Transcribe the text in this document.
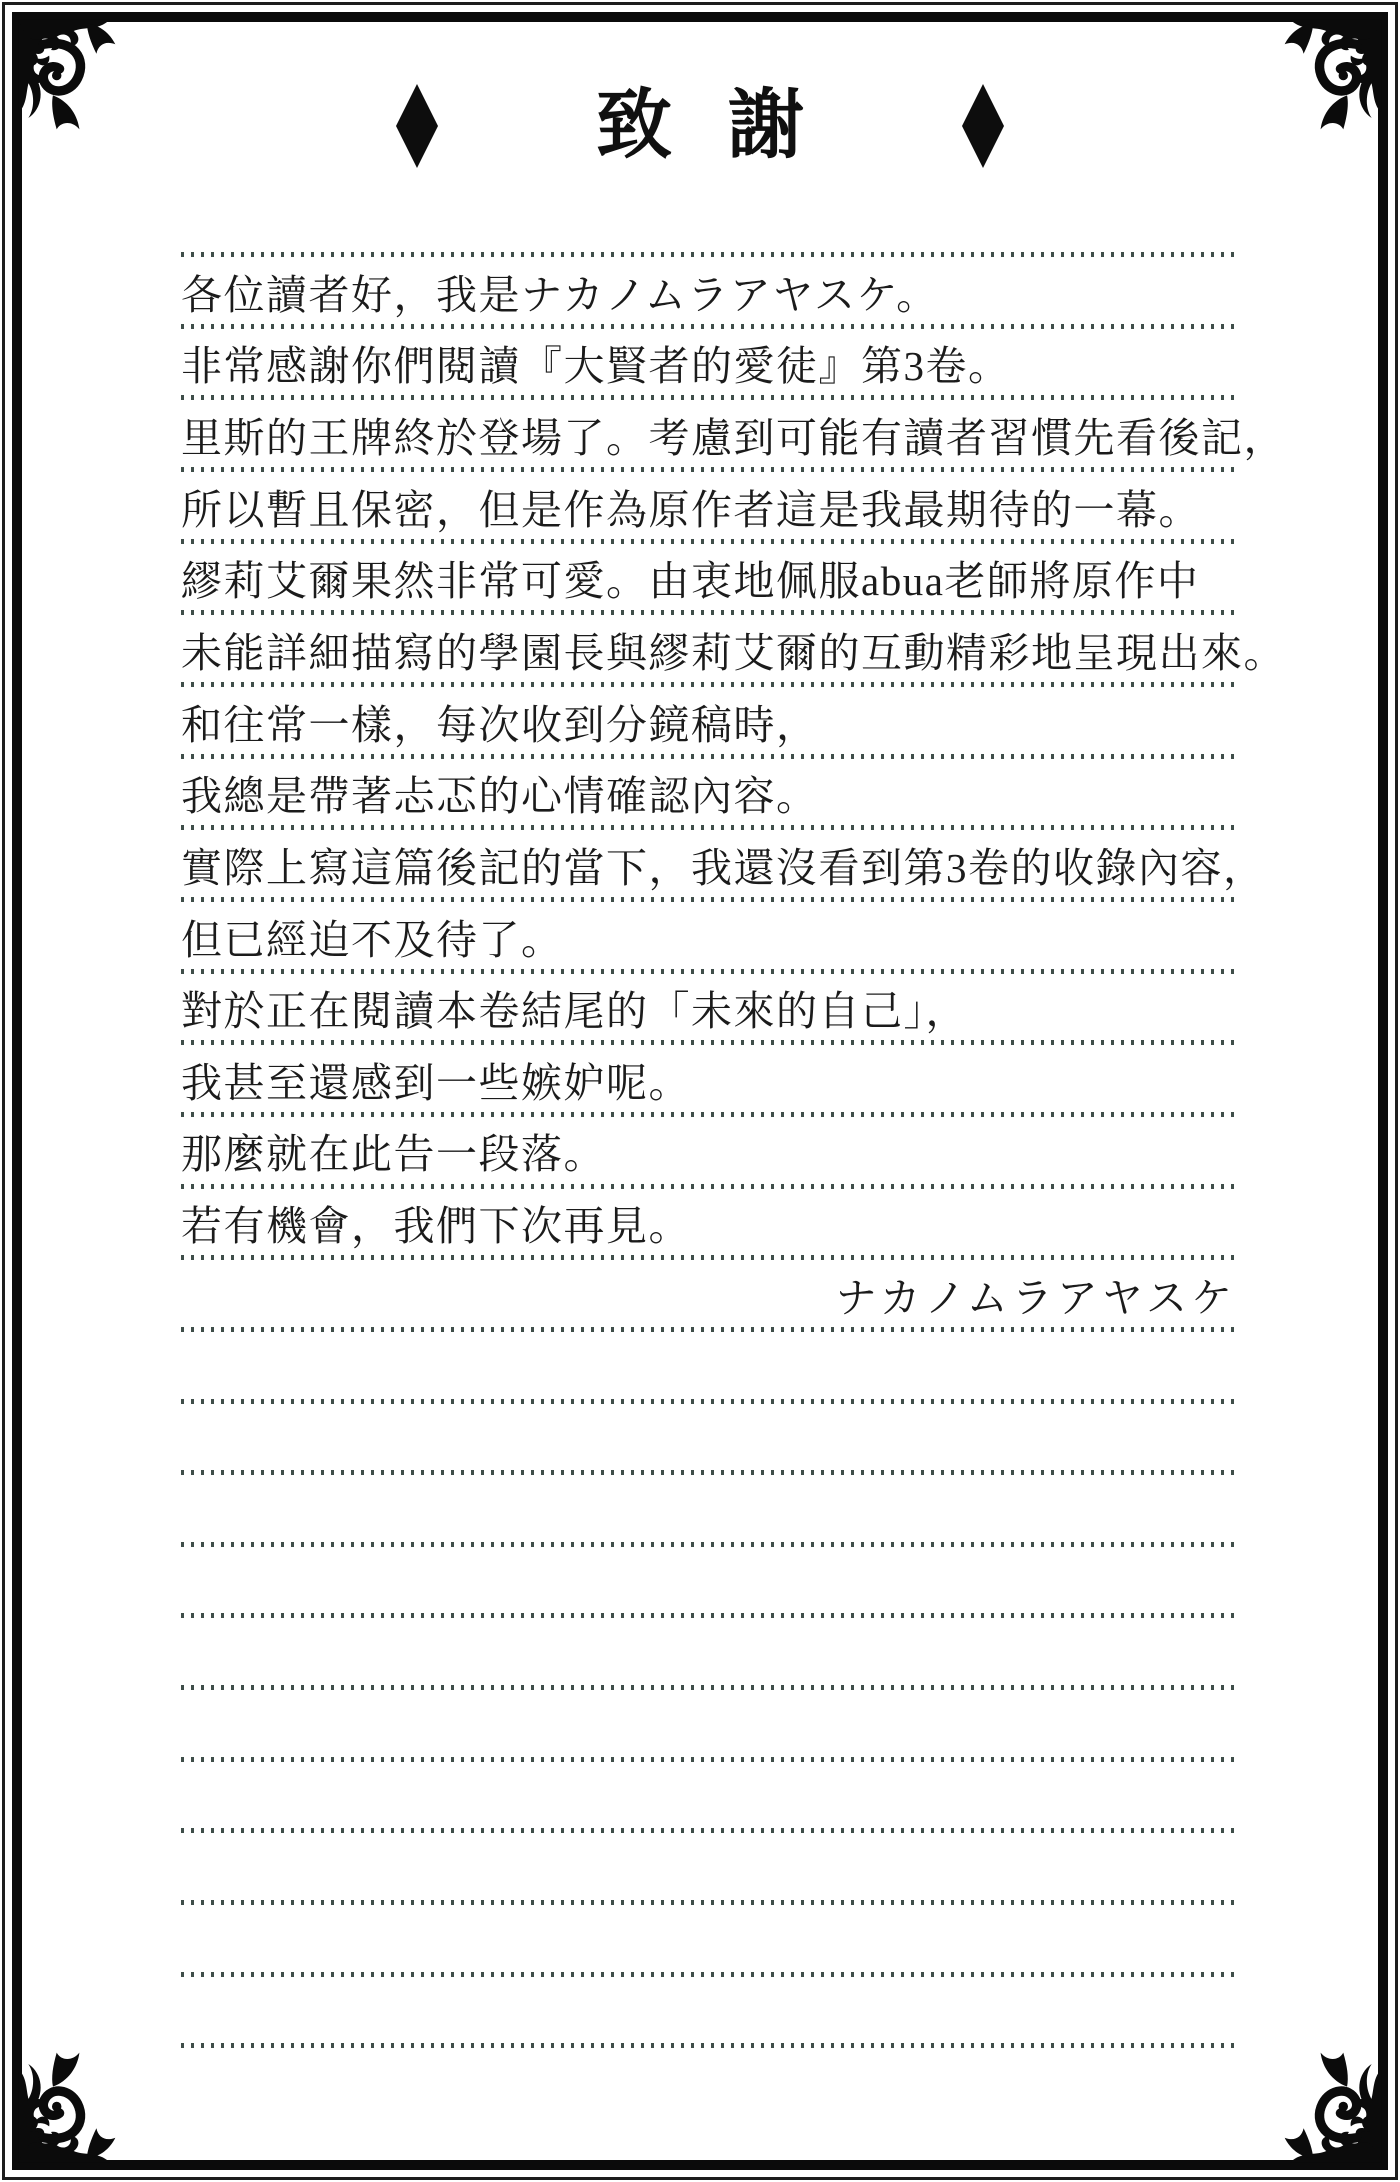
致謝
各位讀者好，我是ナカノムラアヤスケ。
非常感謝你們閱讀『大賢者的愛徒』第3卷。
里斯的王牌終於登場了。考慮到可能有讀者習慣先看後記，
所以暫且保密，但是作為原作者這是我最期待的一幕。
繆莉艾爾果然非常可愛。由衷地佩服abua老師將原作中
未能詳細描寫的學園長與繆莉艾爾的互動精彩地呈現出來。
和往常一樣，每次收到分鏡稿時，
我總是帶著忐忑的心情確認內容。
實際上寫這篇後記的當下，我還沒看到第3卷的收錄內容，
但已經迫不及待了。
對於正在閱讀本卷結尾的「未來的自己」，
我甚至還感到一些嫉妒呢。
那麼就在此告一段落。
若有機會，我們下次再見。
ナカノムラアヤスケ
